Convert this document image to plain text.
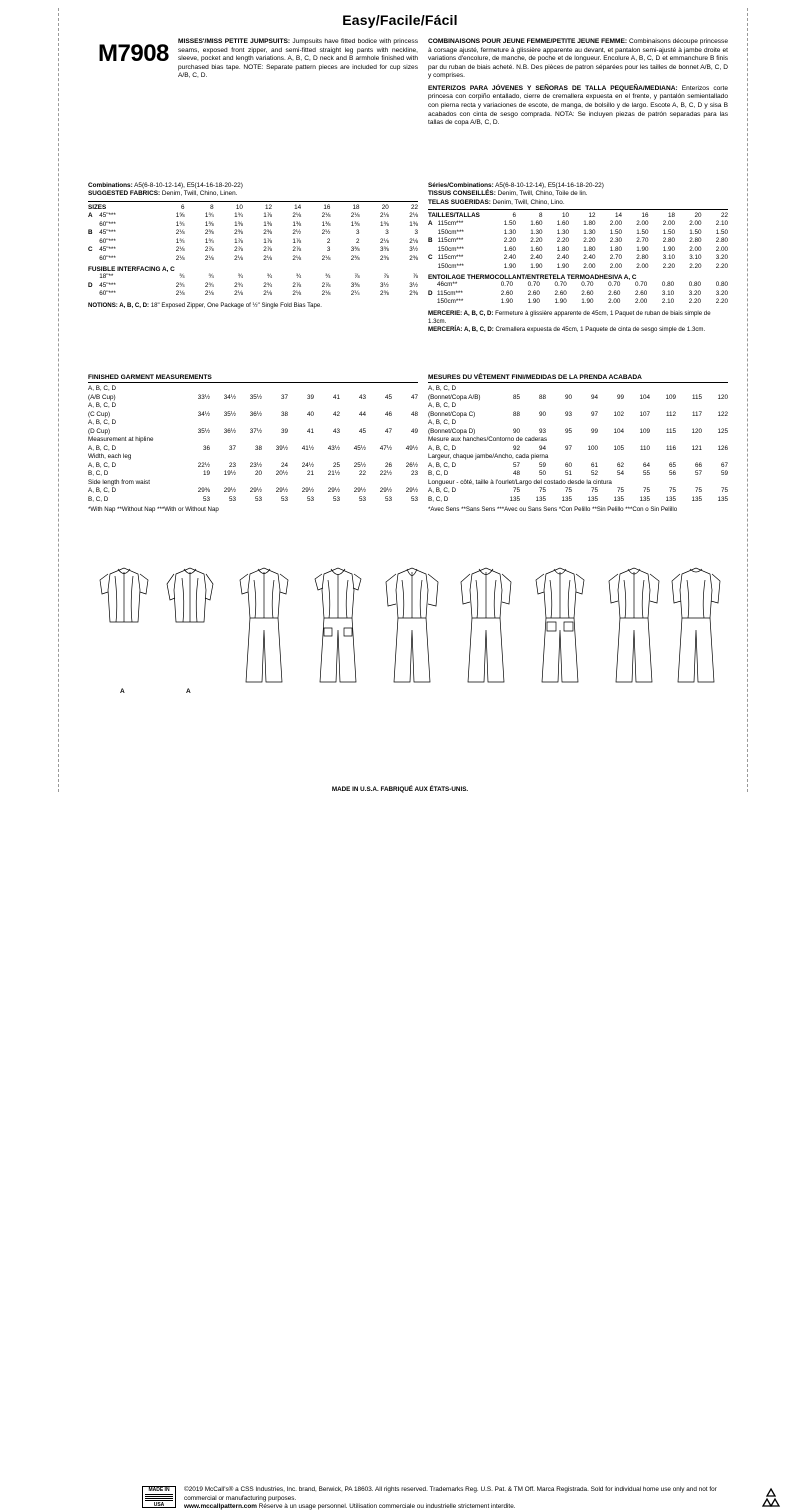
Easy/Facile/Fácil
M7908 MISSES'/MISS PETITE JUMPSUITS: Jumpsuits have fitted bodice with princess seams, exposed front zipper, and semi-fitted straight leg pants with neckline, sleeve, pocket and length variations. A, B, C, D neck and B armhole finished with purchased bias tape. NOTE: Separate pattern pieces are included for cup sizes A/B, C, D.
COMBINAISONS POUR JEUNE FEMME/PETITE JEUNE FEMME: Combinaisons découpe princesse à corsage ajusté, fermeture à glissière apparente au devant, et pantalon semi-ajusté à jambe droite et variations d'encolure, de manche, de poche et de longueur. Encolure A, B, C, D et emmanchure B finis par du ruban de biais acheté. N.B. Des pièces de patron séparées pour les tailles de bonnet A/B, C, D y comprises.
ENTERIZOS PARA JÓVENES Y SEÑORAS DE TALLA PEQUEÑA/MEDIANA: Enterizos corte princesa con corpiño entallado, cierre de cremallera expuesta en el frente, y pantalón semientallado con pierna recta y variaciones de escote, de manga, de bolsillo y de largo. Escote A, B, C, D y sisa B acabados con cinta de sesgo comprada. NOTA: Se incluyen piezas de patrón separadas para las tallas de copa A/B, C, D.
Combinations: A5(6-8-10-12-14), E5(14-16-18-20-22)
SUGGESTED FABRICS: Denim, Twill, Chino, Linen.
SIZES		6	8	10	12	14	16	18	20	22
A	45"***	1⅝	1¾	1¾	1⅞	2⅛	2⅛	2⅛	2⅛	2⅛
	60"***	1¾	1⅜	1⅜	1⅜	1⅜	1⅜	1⅜	1⅜	1⅜
B	45"***	2⅛	2⅜	2⅜	2⅜	2½	2½	3	3	3
	60"***	1¾	1¾	1⅞	1⅞	1⅞	2	2	2⅛	2⅛
C	45"***	2⅛	2⅞	2⅞	2⅞	2⅞	3	3⅜	3⅜	3½
	60"***	2⅛	2⅛	2⅛	2⅛	2⅛	2⅛	2⅜	2⅜	2⅜
FUSIBLE INTERFACING A, C
	18"**	¾	¾	¾	¾	¾	¾	⅞	⅞	⅞
D	45"***	2¾	2¾	2¾	2¾	2⅞	2⅞	3⅜	3½	3½
	60"***	2⅛	2⅛	2⅛	2⅛	2⅛	2⅛	2¼	2⅜	2⅜
NOTIONS: A, B, C, D: 18" Exposed Zipper, One Package of ½" Single Fold Bias Tape.
Séries/Combinations: A5(6-8-10-12-14), E5(14-16-18-20-22)
TISSUS CONSEILLÉS: Denim, Twill, Chino, Toile de lin.
TELAS SUGERIDAS: Denim, Twill, Chino, Lino.
TAILLES/TALLAS		6	8	10	12	14	16	18	20	22
A	115cm***	1.50	1.60	1.60	1.80	2.00	2.00	2.00	2.00	2.10
	150cm***	1.30	1.30	1.30	1.30	1.50	1.50	1.50	1.50	1.50
B	115cm***	2.20	2.20	2.20	2.20	2.30	2.70	2.80	2.80	2.80
	150cm***	1.60	1.60	1.80	1.80	1.80	1.90	1.90	2.00	2.00
C	115cm***	2.40	2.40	2.40	2.40	2.70	2.80	3.10	3.10	3.20
	150cm***	1.90	1.90	1.90	2.00	2.00	2.00	2.20	2.20	2.20
ENTOILAGE THERMOCOLLANT/ENTRETELA TERMOADHESIVA A, C
	46cm**	0.70	0.70	0.70	0.70	0.70	0.70	0.80	0.80	0.80
D	115cm***	2.60	2.60	2.60	2.60	2.60	2.60	3.10	3.20	3.20
	150cm***	1.90	1.90	1.90	1.90	2.00	2.00	2.10	2.20	2.20
MERCERIE: A, B, C, D: Fermeture à glissière apparente de 45cm, 1 Paquet de ruban de biais simple de 1.3cm.
MERCERÍA: A, B, C, D: Cremallera expuesta de 45cm, 1 Paquete de cinta de sesgo simple de 1.3cm.
FINISHED GARMENT MEASUREMENTS
A, B, C, D									
(A/B Cup)	33½	34½	35½	37	39	41	43	45	47
A, B, C, D									
(C Cup)	34½	35½	36½	38	40	42	44	46	48
A, B, C, D									
(D Cup)	35½	36½	37½	39	41	43	45	47	49
Measurement at hipline									
A, B, C, D	36	37	38	39½	41½	43½	45½	47½	49½
Width, each leg									
A, B, C, D	22½	23	23½	24	24½	25	25½	26	26½
B, C, D	19	19½	20	20½	21	21½	22	22½	23
Side length from waist									
A, B, C, D	29⅜	29½	29½	29½	29½	29½	29½	29½	29½
B, C, D	53	53	53	53	53	53	53	53	53
*With Nap **Without Nap ***With or Without Nap
MESURES DU VÊTEMENT FINI/MEDIDAS DE LA PRENDA ACABADA
A, B, C, D									
(Bonnet/Copa A/B)	85	88	90	94	99	104	109	115	120
A, B, C, D									
(Bonnet/Copa C)	88	90	93	97	102	107	112	117	122
A, B, C, D									
(Bonnet/Copa D)	90	93	95	99	104	109	115	120	125
Mesure aux hanches/Contorno de caderas									
A, B, C, D	92	94	97	100	105	110	116	121	126
Largeur, chaque jambe/Ancho, cada pierna									
A, B, C, D	57	59	60	61	62	64	65	66	67
B, C, D	48	50	51	52	54	55	56	57	59
Longueur - côté, taille à l'ourlet/Largo del costado desde la cintura									
A, B, C, D	75	75	75	75	75	75	75	75	75
B, C, D	135	135	135	135	135	135	135	135	135
*Avec Sens **Sans Sens ***Avec ou Sans Sens *Con Pelillo **Sin Pelillo ***Con o Sin Pelillo
A	A
MADE IN
USA
©2019 McCall's® a CSS Industries, Inc. brand, Berwick, PA 18603. All rights reserved. Trademarks Reg. U.S. Pat. & TM Off. Marca Registrada. Sold for individual home use only and not for commercial or manufacturing purposes.
www.mccallpattern.com Réserve à un usage personnel. Utilisation commerciale ou industrielle strictement interdite.
MADE IN U.S.A. FABRIQUÉ AUX ÉTATS-UNIS.
